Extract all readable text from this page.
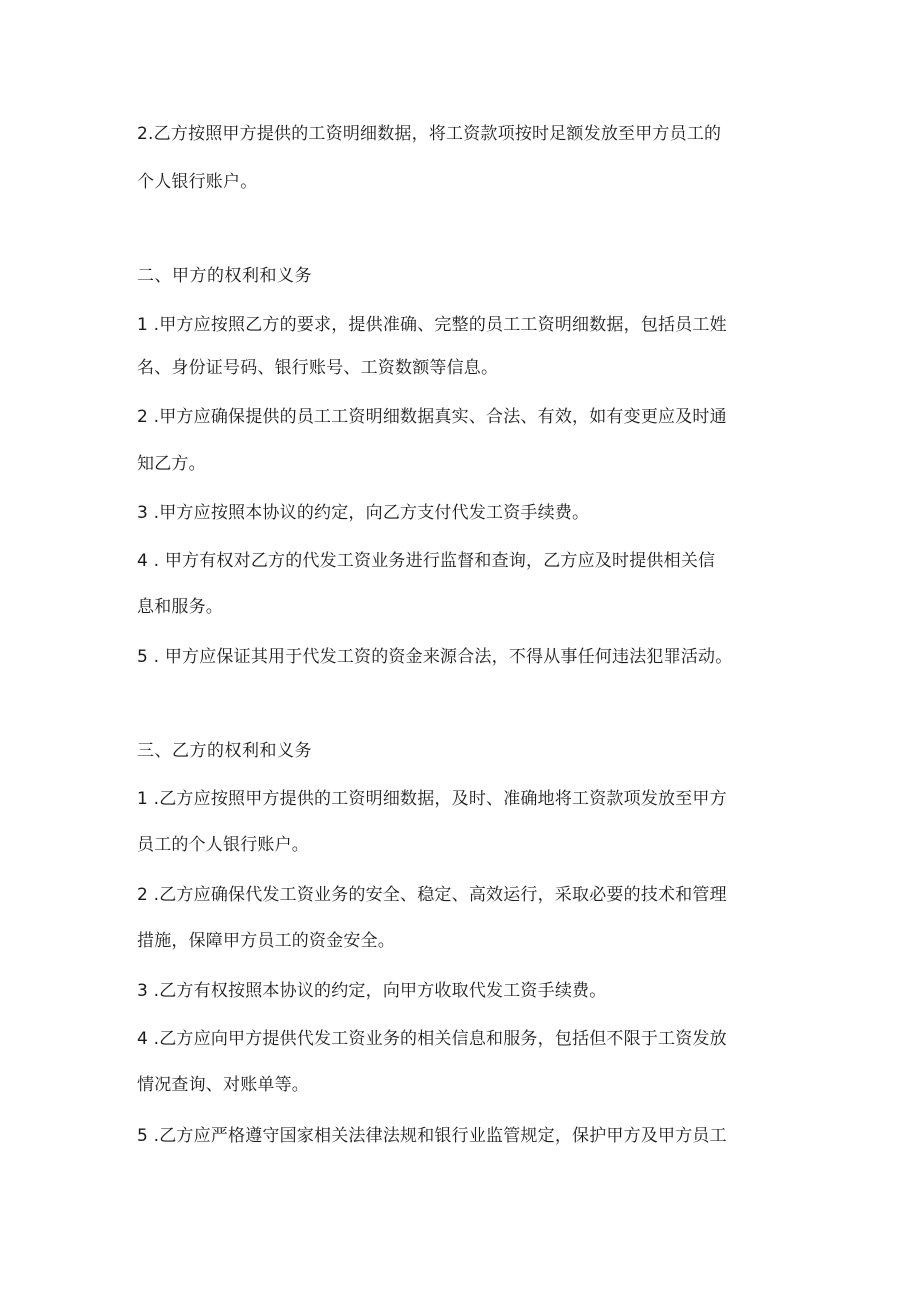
2.乙方按照甲方提供的工资明细数据，将工资款项按时足额发放至甲方员工的
个人银行账户。
二、甲方的权利和义务
1 .甲方应按照乙方的要求，提供准确、完整的员工工资明细数据，包括员工姓
名、身份证号码、银行账号、工资数额等信息。
2 .甲方应确保提供的员工工资明细数据真实、合法、有效，如有变更应及时通
知乙方。
3 .甲方应按照本协议的约定，向乙方支付代发工资手续费。
4 . 甲方有权对乙方的代发工资业务进行监督和查询，乙方应及时提供相关信
息和服务。
5 . 甲方应保证其用于代发工资的资金来源合法，不得从事任何违法犯罪活动。
三、乙方的权利和义务
1 .乙方应按照甲方提供的工资明细数据，及时、准确地将工资款项发放至甲方
员工的个人银行账户。
2 .乙方应确保代发工资业务的安全、稳定、高效运行，采取必要的技术和管理
措施，保障甲方员工的资金安全。
3 .乙方有权按照本协议的约定，向甲方收取代发工资手续费。
4 .乙方应向甲方提供代发工资业务的相关信息和服务，包括但不限于工资发放
情况查询、对账单等。
5 .乙方应严格遵守国家相关法律法规和银行业监管规定，保护甲方及甲方员工
